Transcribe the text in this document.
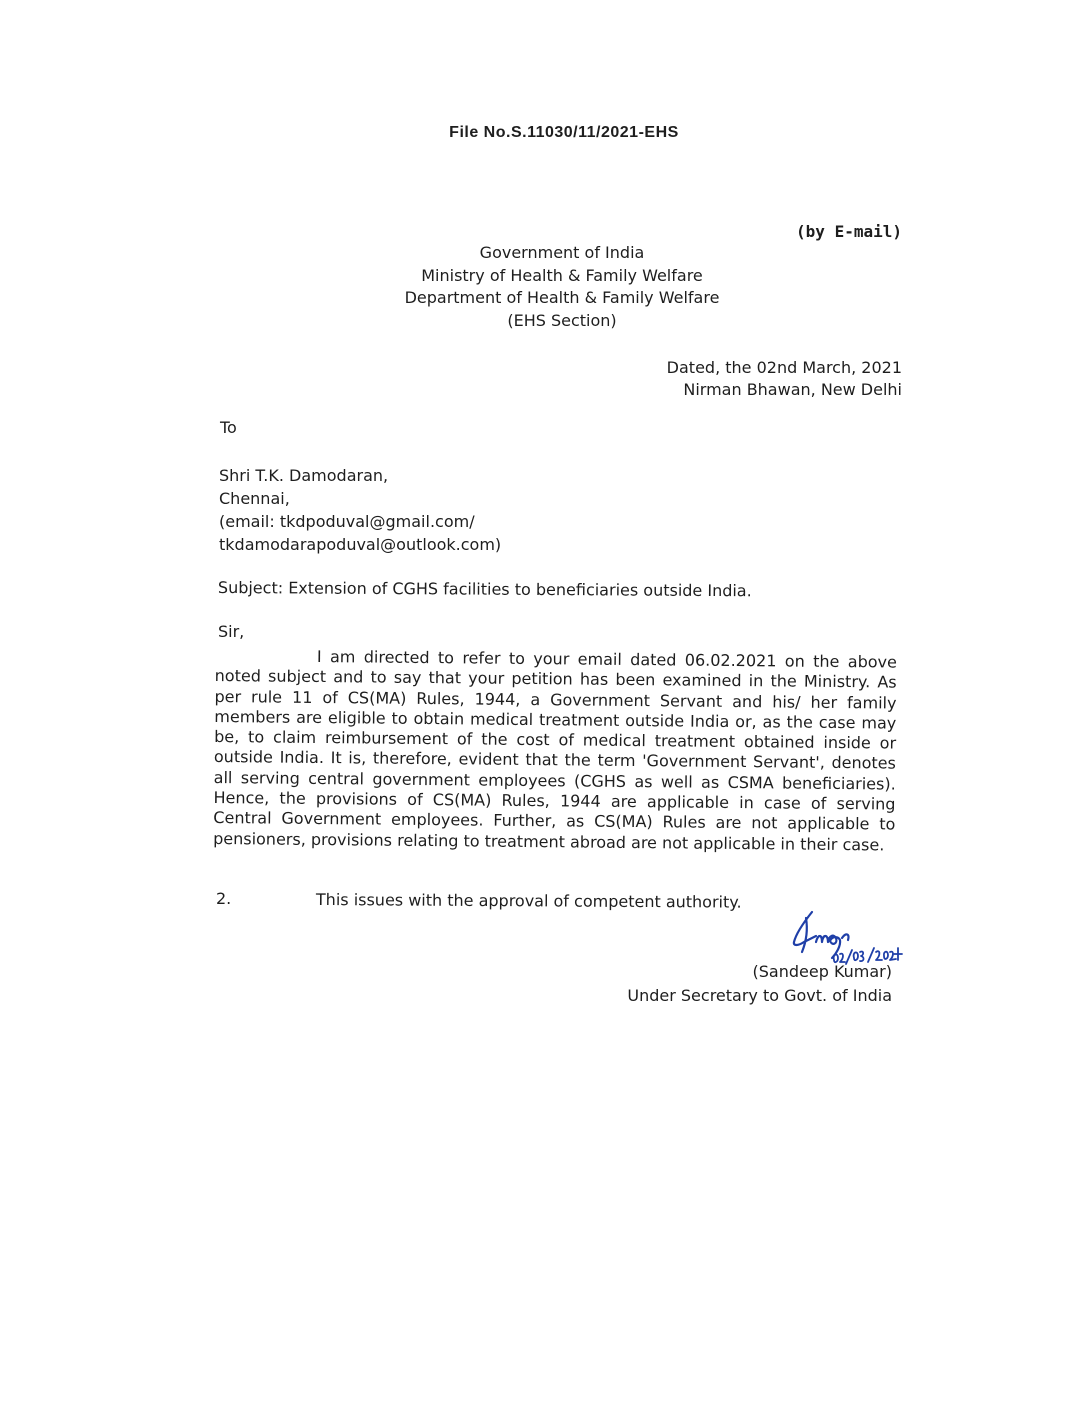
File No.S.11030/11/2021-EHS
(by E-mail)
Government of India
Ministry of Health & Family Welfare
Department of Health & Family Welfare
(EHS Section)
Dated, the 02nd March, 2021
Nirman Bhawan, New Delhi
To
Shri T.K. Damodaran,
Chennai,
(email: tkdpoduval@gmail.com/
tkdamodarapoduval@outlook.com)
Subject: Extension of CGHS facilities to beneficiaries outside India.
Sir,
I am directed to refer to your email dated 06.02.2021 on the above noted subject and to say that your petition has been examined in the Ministry. As per rule 11 of CS(MA) Rules, 1944, a Government Servant and his/ her family members are eligible to obtain medical treatment outside India or, as the case may be, to claim reimbursement of the cost of medical treatment obtained inside or outside India. It is, therefore, evident that the term 'Government Servant', denotes all serving central government employees (CGHS as well as CSMA beneficiaries). Hence, the provisions of CS(MA) Rules, 1944 are applicable in case of serving Central Government employees. Further, as CS(MA) Rules are not applicable to pensioners, provisions relating to treatment abroad are not applicable in their case.
2.	This issues with the approval of competent authority.
(Sandeep Kumar)
Under Secretary to Govt. of India
